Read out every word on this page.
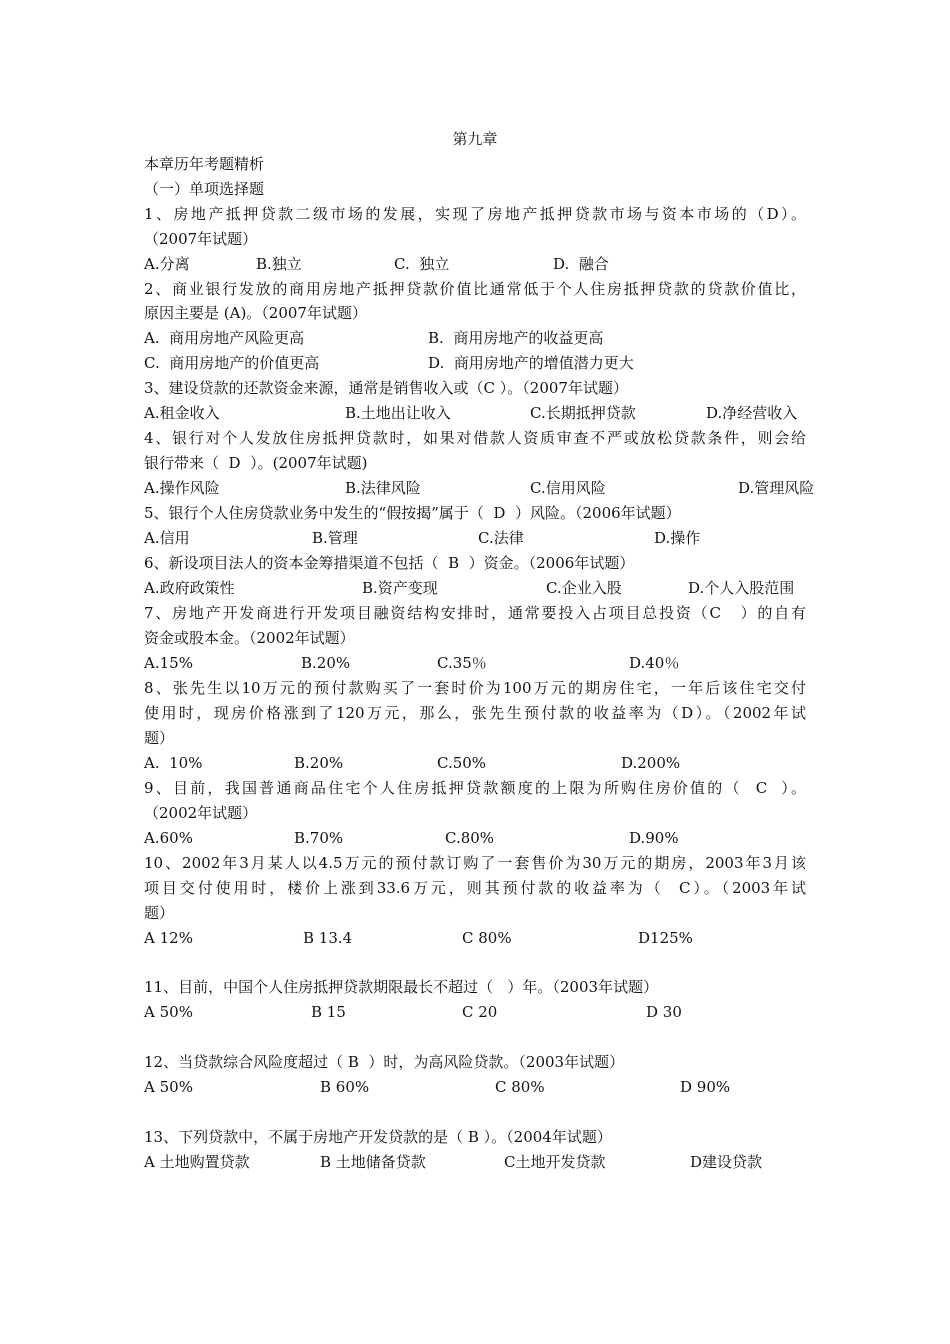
第九章
本章历年考题精析
（一）单项选择题
1、房地产抵押贷款二级市场的发展，实现了房地产抵押贷款市场与资本市场的（D）。
（2007年试题）
A.分离	B.独立	C.  独立	D.  融合
2、商业银行发放的商用房地产抵押贷款价值比通常低于个人住房抵押贷款的贷款价值比，
原因主要是 (A)。（2007年试题）
A.  商用房地产风险更高	B.  商用房地产的收益更高
C.  商用房地产的价值更高	D.  商用房地产的增值潜力更大
3、建设贷款的还款资金来源，通常是销售收入或（C ）。（2007年试题）
A.租金收入	B.土地出让收入	C.长期抵押贷款	D.净经营收入
4、银行对个人发放住房抵押贷款时，如果对借款人资质审查不严或放松贷款条件，则会给
银行带来（  D  ）。(2007年试题)
A.操作风险	B.法律风险	C.信用风险	D.管理风险
5、银行个人住房贷款业务中发生的“假按揭”属于（  D  ）风险。（2006年试题）
A.信用	B.管理	C.法律	D.操作
6、新设项目法人的资本金筹措渠道不包括（  B  ）资金。（2006年试题）
A.政府政策性	B.资产变现	C.企业入股	D.个人入股范围
7、房地产开发商进行开发项目融资结构安排时，通常要投入占项目总投资（C   ）的自有
资金或股本金。（2002年试题）
A.15%	B.20%	C.35％	D.40％
8、张先生以10万元的预付款购买了一套时价为100万元的期房住宅，一年后该住宅交付
使用时，现房价格涨到了120万元，那么，张先生预付款的收益率为（D）。（2002年试
题）
A.  10%	B.20%	C.50%	D.200%
9、目前，我国普通商品住宅个人住房抵押贷款额度的上限为所购住房价值的（  C  ）。
（2002年试题）
A.60%	B.70%	C.80%	D.90%
10、2002年3月某人以4.5万元的预付款订购了一套售价为30万元的期房，2003年3月该
项目交付使用时，楼价上涨到33.6万元，则其预付款的收益率为（  C）。（2003年试
题）
A 12%	B 13.4	C 80%	D125%
11、目前，中国个人住房抵押贷款期限最长不超过（   ）年。（2003年试题）
A 50%	B 15	C 20	D 30
12、当贷款综合风险度超过（ B  ）时，为高风险贷款。（2003年试题）
A 50%	B 60%	C 80%	D 90%
13、下列贷款中，不属于房地产开发贷款的是（ B ）。（2004年试题）
A 土地购置贷款	B 土地储备贷款	C土地开发贷款	D建设贷款
